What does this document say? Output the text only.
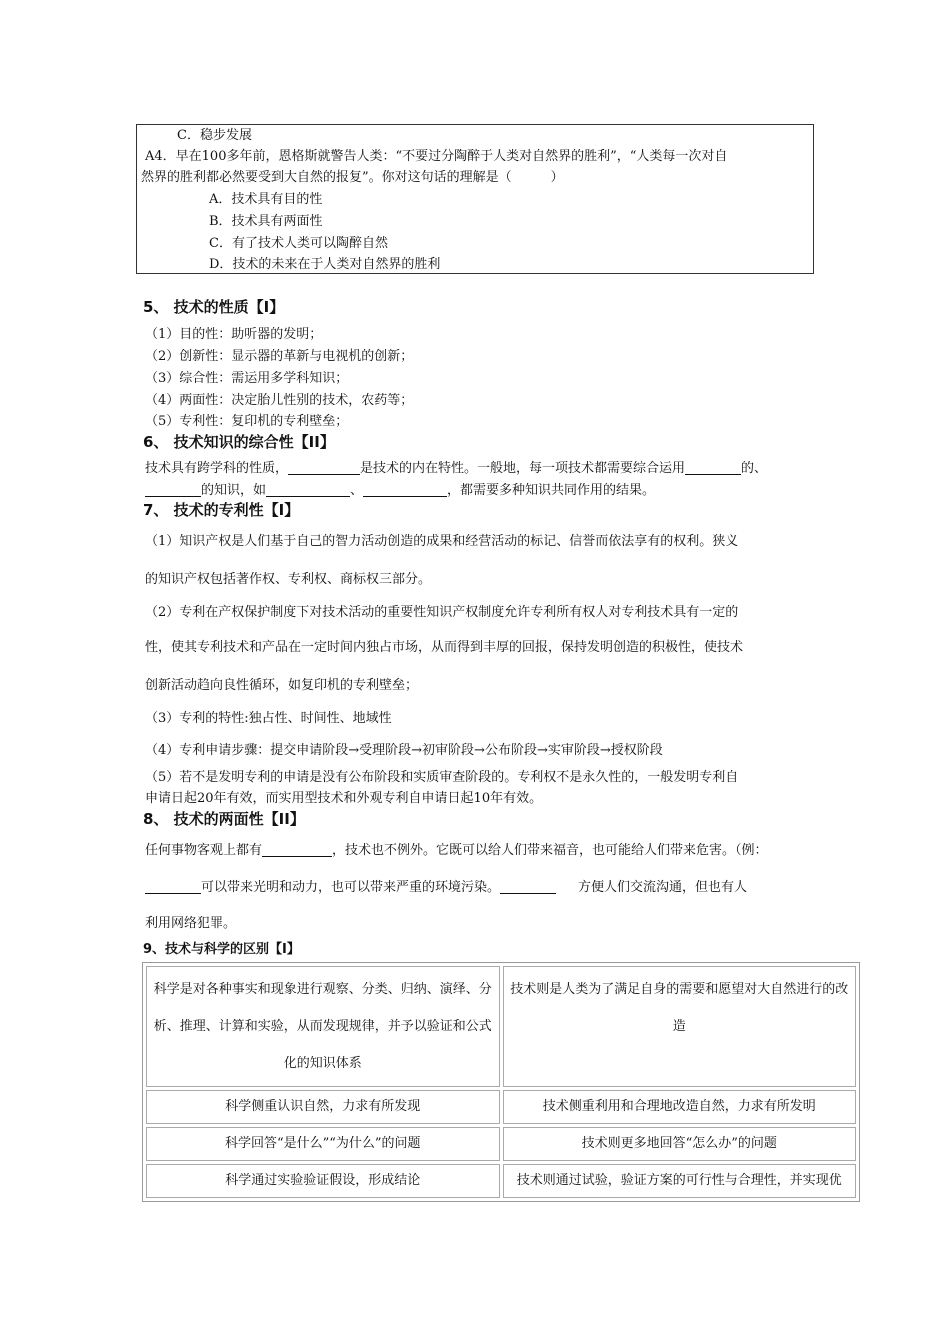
C．稳步发展
A4．早在100多年前，恩格斯就警告人类：“不要过分陶醉于人类对自然界的胜利”，“人类每一次对自
然界的胜利都必然要受到大自然的报复”。你对这句话的理解是（　　　）
A．技术具有目的性
B．技术具有两面性
C．有了技术人类可以陶醉自然
D．技术的未来在于人类对自然界的胜利
5、 技术的性质【I】
（1）目的性：助听器的发明；
（2）创新性：显示器的革新与电视机的创新；
（3）综合性：需运用多学科知识；
（4）两面性：决定胎儿性别的技术，农药等；
（5）专利性：复印机的专利壁垒；
6、 技术知识的综合性【II】
技术具有跨学科的性质，	是技术的内在特性。一般地，每一项技术都需要综合运用	的、
的知识，如	、	，都需要多种知识共同作用的结果。
7、 技术的专利性【I】
（1）知识产权是人们基于自己的智力活动创造的成果和经营活动的标记、信誉而依法享有的权利。狭义
的知识产权包括著作权、专利权、商标权三部分。
（2）专利在产权保护制度下对技术活动的重要性知识产权制度允许专利所有权人对专利技术具有一定的
性，使其专利技术和产品在一定时间内独占市场，从而得到丰厚的回报，保持发明创造的积极性，使技术
创新活动趋向良性循环，如复印机的专利壁垒；
（3）专利的特性:独占性、时间性、地域性
（4）专利申请步骤：提交申请阶段→受理阶段→初审阶段→公布阶段→实审阶段→授权阶段
（5）若不是发明专利的申请是没有公布阶段和实质审查阶段的。专利权不是永久性的，一般发明专利自
申请日起20年有效，而实用型技术和外观专利自申请日起10年有效。
8、 技术的两面性【II】
任何事物客观上都有	，技术也不例外。它既可以给人们带来福音，也可能给人们带来危害。（例：
可以带来光明和动力，也可以带来严重的环境污染。	方便人们交流沟通，但也有人
利用网络犯罪。
9、技术与科学的区别【I】
科学是对各种事实和现象进行观察、分类、归纳、演绎、分析、推理、计算和实验，从而发现规律，并予以验证和公式化的知识体系	技术则是人类为了满足自身的需要和愿望对大自然进行的改造
科学侧重认识自然，力求有所发现	技术侧重利用和合理地改造自然，力求有所发明
科学回答“是什么”“为什么”的问题	技术则更多地回答“怎么办”的问题
科学通过实验验证假设，形成结论	技术则通过试验，验证方案的可行性与合理性，并实现优
